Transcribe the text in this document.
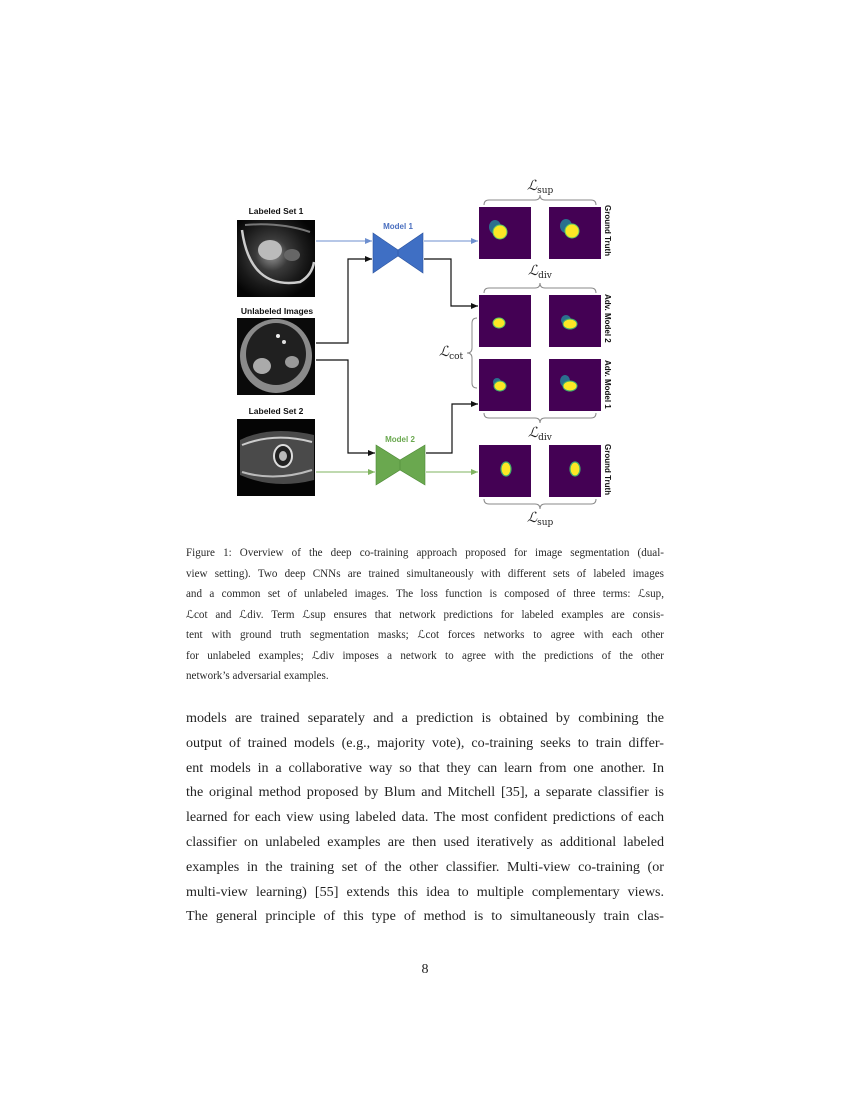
Labeled Set 1
Unlabeled Images
Labeled Set 2
Model 1
Model 2
ℒ$_{sup}$
ℒ$_{div}$
ℒ$_{cot}$
ℒ$_{div}$
ℒ$_{sup}$
Ground Truth
Adv. Model 2
Adv. Model 1
Ground Truth
Figure 1: Overview of the deep co-training approach proposed for image segmentation (dual-
view setting). Two deep CNNs are trained simultaneously with different sets of labeled images
and a common set of unlabeled images. The loss function is composed of three terms: ℒsup,
ℒcot and ℒdiv. Term ℒsup ensures that network predictions for labeled examples are consis-
tent with ground truth segmentation masks; ℒcot forces networks to agree with each other
for unlabeled examples; ℒdiv imposes a network to agree with the predictions of the other
network’s adversarial examples.
models are trained separately and a prediction is obtained by combining the
output of trained models (e.g., majority vote), co-training seeks to train differ-
ent models in a collaborative way so that they can learn from one another. In
the original method proposed by Blum and Mitchell [35], a separate classifier is
learned for each view using labeled data. The most confident predictions of each
classifier on unlabeled examples are then used iteratively as additional labeled
examples in the training set of the other classifier. Multi-view co-training (or
multi-view learning) [55] extends this idea to multiple complementary views.
The general principle of this type of method is to simultaneously train clas-
8
